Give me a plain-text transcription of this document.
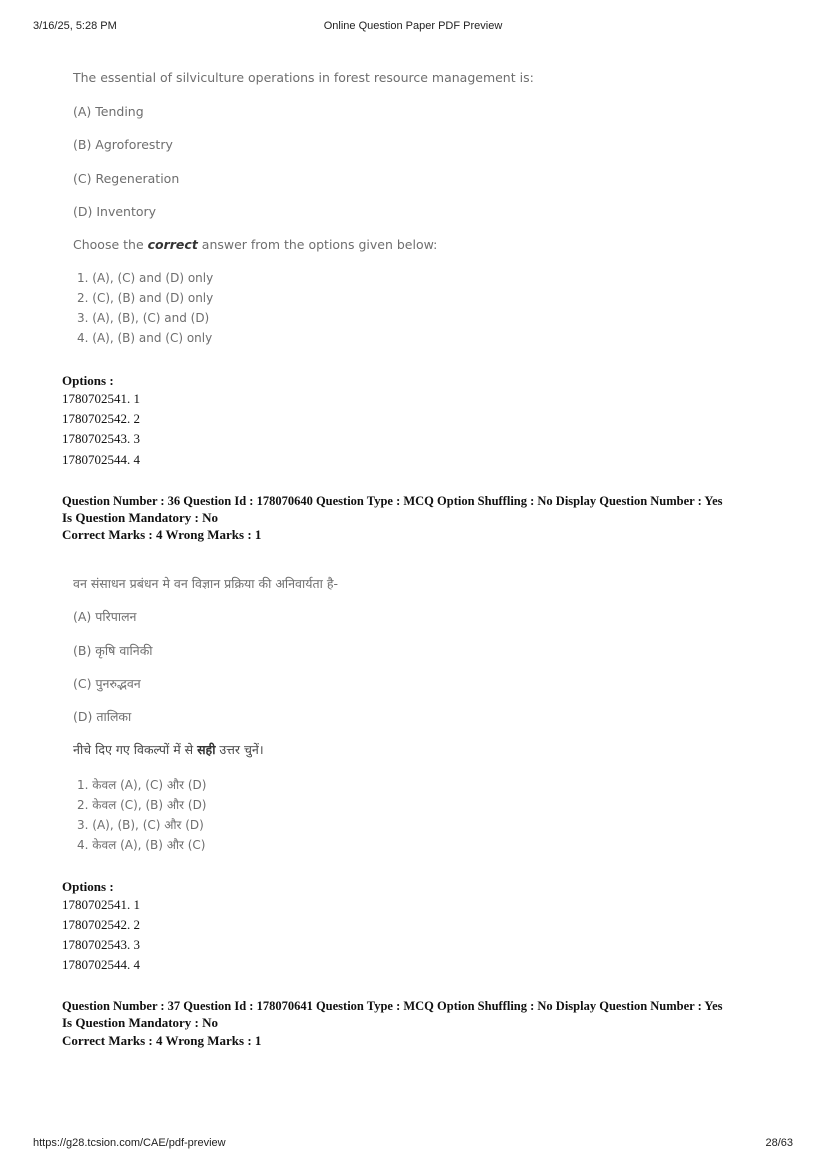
3/16/25, 5:28 PM	Online Question Paper PDF Preview
The essential of silviculture operations in forest resource management is:
(A) Tending
(B) Agroforestry
(C) Regeneration
(D) Inventory
Choose the correct answer from the options given below:
1. (A), (C) and (D) only
2. (C), (B) and (D) only
3. (A), (B), (C) and (D)
4. (A), (B) and (C) only
Options :
1780702541. 1
1780702542. 2
1780702543. 3
1780702544. 4
Question Number : 36 Question Id : 178070640 Question Type : MCQ Option Shuffling : No Display Question Number : Yes
Is Question Mandatory : No
Correct Marks : 4 Wrong Marks : 1
वन संसाधन प्रबंधन मे वन विज्ञान प्रक्रिया की अनिवार्यता है-
(A) परिपालन
(B) कृषि वानिकी
(C) पुनरुद्भवन
(D) तालिका
नीचे दिए गए विकल्पों में से सही उत्तर चुनें।
1. केवल (A), (C) और (D)
2. केवल (C), (B) और (D)
3. (A), (B), (C) और (D)
4. केवल (A), (B) और (C)
Options :
1780702541. 1
1780702542. 2
1780702543. 3
1780702544. 4
Question Number : 37 Question Id : 178070641 Question Type : MCQ Option Shuffling : No Display Question Number : Yes
Is Question Mandatory : No
Correct Marks : 4 Wrong Marks : 1
https://g28.tcsion.com/CAE/pdf-preview	28/63
